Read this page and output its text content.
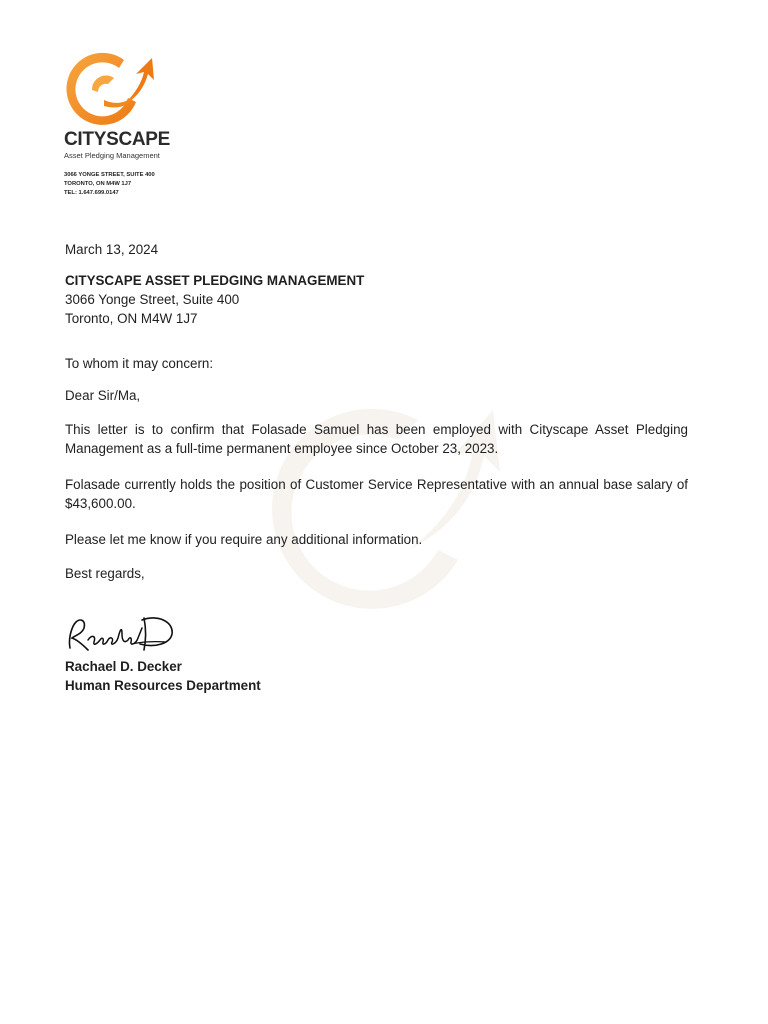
CITYSCAPE

Asset Pledging Management

3066 YONGE STREET, SUITE 400
TORONTO, ON M4W 1J7
TEL: 1.647.699.0147

March 13, 2024

CITYSCAPE ASSET PLEDGING MANAGEMENT
3066 Yonge Street, Suite 400
Toronto, ON M4W 1J7

To whom it may concern:

Dear Sir/Ma,

This letter is to confirm that Folasade Samuel has been employed with Cityscape Asset Pledging Management as a full-time permanent employee since October 23, 2023.

Folasade currently holds the position of Customer Service Representative with an annual base salary of $43,600.00.

Please let me know if you require any additional information.

Best regards,

Rachael D. Decker
Human Resources Department
